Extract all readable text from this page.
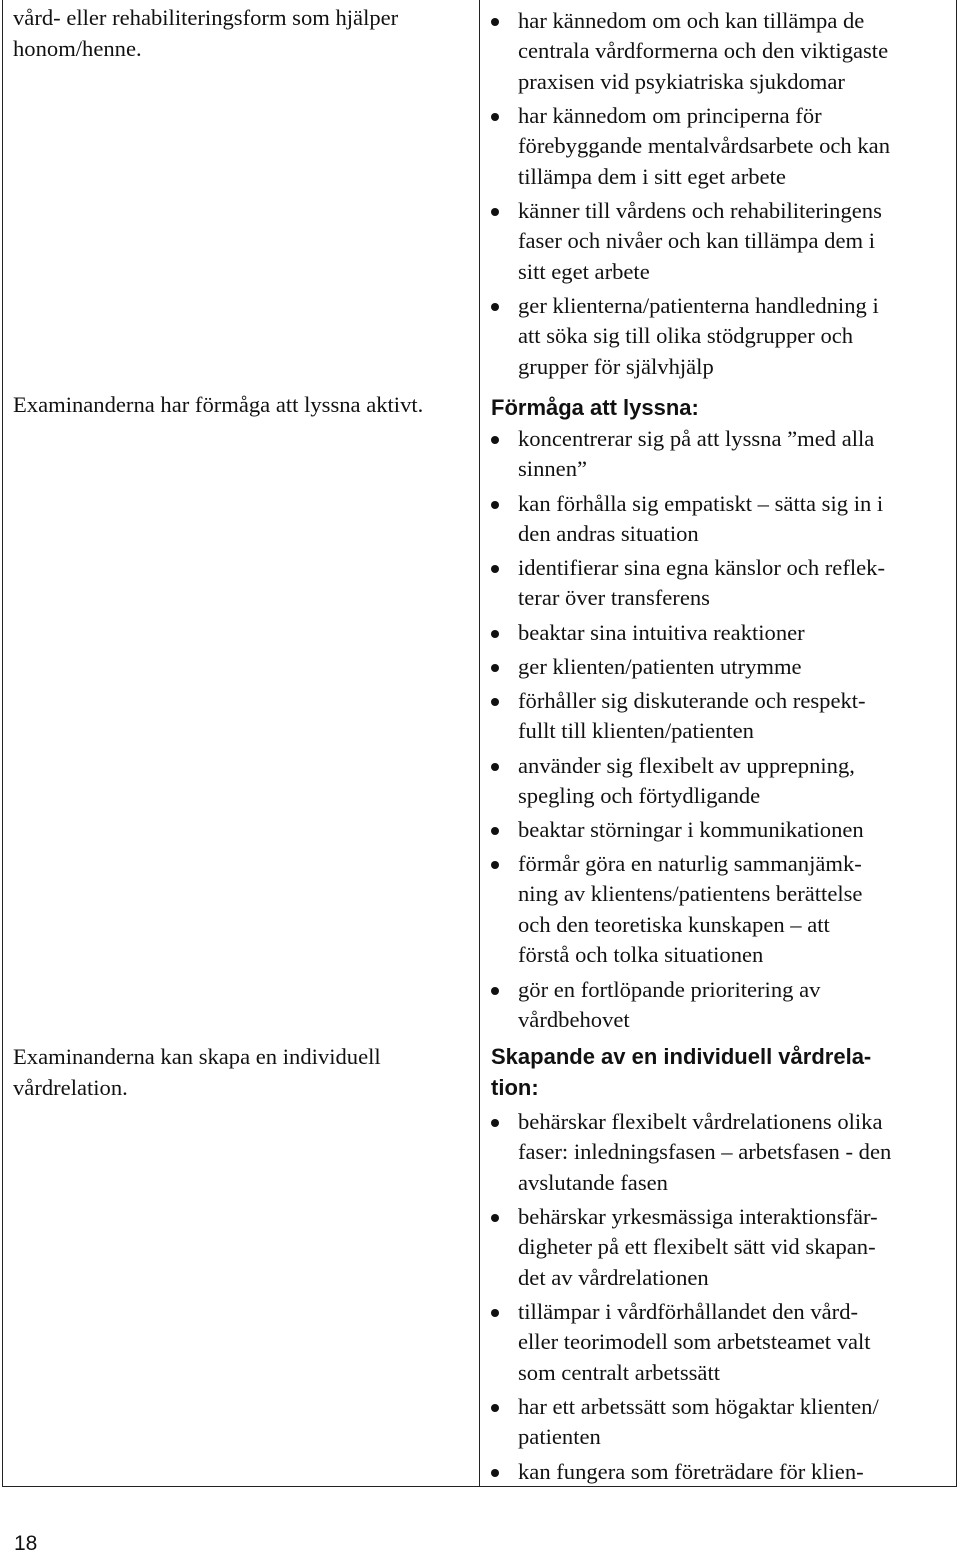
vård- eller rehabiliteringsform som hjälper honom/henne.

Examinanderna har förmåga att lyssna aktivt.

Examinanderna kan skapa en individuell vårdrelation.

har kännedom om och kan tillämpa de
centrala vårdformerna och den viktigaste
praxisen vid psykiatriska sjukdomar
har kännedom om principerna för
förebyggande mentalvårdsarbete och kan
tillämpa dem i sitt eget arbete
känner till vårdens och rehabiliteringens
faser och nivåer och kan tillämpa dem i
sitt eget arbete
ger klienterna/patienterna handledning i
att söka sig till olika stödgrupper och
grupper för självhjälp
Förmåga att lyssna:
koncentrerar sig på att lyssna ”med alla
sinnen”
kan förhålla sig empatiskt – sätta sig in i
den andras situation
identifierar sina egna känslor och reflek-
terar över transferens
beaktar sina intuitiva reaktioner
ger klienten/patienten utrymme
förhåller sig diskuterande och respekt-
fullt till klienten/patienten
använder sig flexibelt av upprepning,
spegling och förtydligande
beaktar störningar i kommunikationen
förmår göra en naturlig sammanjämk-
ning av klientens/patientens berättelse
och den teoretiska kunskapen – att
förstå och tolka situationen
gör en fortlöpande prioritering av
vårdbehovet
Skapande av en individuell vårdrela-
tion:
behärskar flexibelt vårdrelationens olika
faser: inledningsfasen – arbetsfasen - den
avslutande fasen
behärskar yrkesmässiga interaktionsfär-
digheter på ett flexibelt sätt vid skapan-
det av vårdrelationen
tillämpar i vårdförhållandet den vård-
eller teorimodell som arbetsteamet valt
som centralt arbetssätt
har ett arbetssätt som högaktar klienten/
patienten
kan fungera som företrädare för klien-
18
